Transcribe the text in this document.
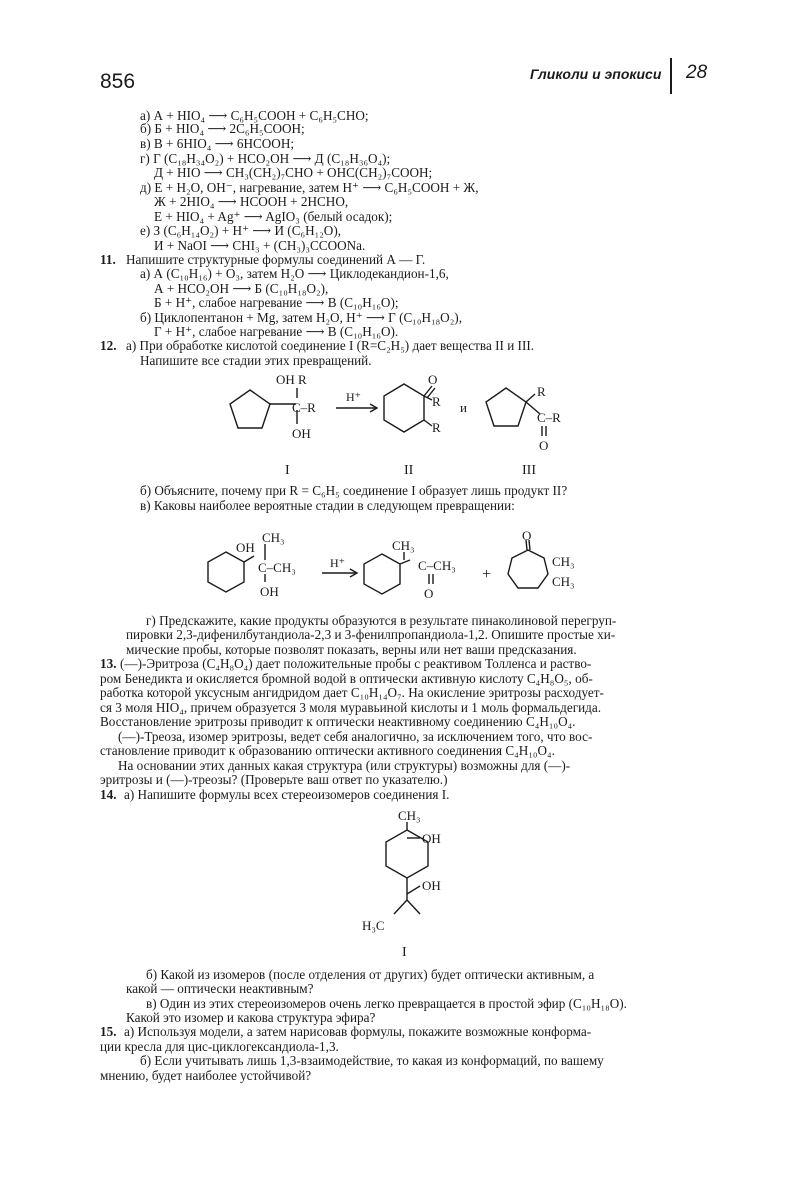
856	Гликоли и эпокиси 28
а) А + HIO₄ ⟶ C₆H₅COOH + C₆H₅CHO;
б) Б + HIO₄ ⟶ 2C₆H₅COOH;
в) В + 6HIO₄ ⟶ 6HCOOH;
г) Г (C₁₈H₃₄O₂) + HCO₂OH ⟶ Д (C₁₈H₃₆O₄);
Д + HIO ⟶ CH₃(CH₂)₇CHO + OHC(CH₂)₇COOH;
д) Е + H₂O, OH⁻, нагревание, затем H⁺ ⟶ C₆H₅COOH + Ж,
Ж + 2HIO₄ ⟶ HCOOH + 2HCHO,
Е + HIO₄ + Ag⁺ ⟶ AgIO₃ (белый осадок);
е) З (C₆H₁₄O₂) + H⁺ ⟶ И (C₆H₁₂O),
И + NaOI ⟶ CHI₃ + (CH₃)₃CCOONa.
11. Напишите структурные формулы соединений А — Г.
а) А (C₁₀H₁₆) + O₃, затем H₂O ⟶ Циклодекандион-1,6,
А + HCO₂OH ⟶ Б (C₁₀H₁₈O₂),
Б + H⁺, слабое нагревание ⟶ В (C₁₀H₁₆O);
б) Циклопентанон + Mg, затем H₂O, H⁺ ⟶ Г (C₁₀H₁₈O₂),
Г + H⁺, слабое нагревание ⟶ В (C₁₀H₁₆O).
12. а) При обработке кислотой соединение I (R=C₂H₅) дает вещества II и III.
Напишите все стадии этих превращений.
OH R
C–R
OH
H⁺
O
R
R
и
R
C–R
O
I	II	III
OH
CH₃
C–CH₃
OH
H⁺
CH₃
C–CH₃
O
+
O
CH₃
CH₃
CH₃
OH
OH
H₃C
I
б) Объясните, почему при R = C₆H₅ соединение I образует лишь продукт II?
в) Каковы наиболее вероятные стадии в следующем превращении:
г) Предскажите, какие продукты образуются в результате пинаколиновой перегруп-
пировки 2,3-дифенилбутандиола-2,3 и 3-фенилпропандиола-1,2. Опишите простые хи-
мические пробы, которые позволят показать, верны или нет ваши предсказания.
13. (—)-Эритроза (C₄H₈O₄) дает положительные пробы с реактивом Толленса и раство-
ром Бенедикта и окисляется бромной водой в оптически активную кислоту C₄H₈O₅, об-
работка которой уксусным ангидридом дает C₁₀H₁₄O₇. На окисление эритрозы расходует-
ся 3 моля HIO₄, причем образуется 3 моля муравьиной кислоты и 1 моль формальдегида.
Восстановление эритрозы приводит к оптически неактивному соединению C₄H₁₀O₄.
(—)-Треоза, изомер эритрозы, ведет себя аналогично, за исключением того, что вос-
становление приводит к образованию оптически активного соединения C₄H₁₀O₄.
На основании этих данных какая структура (или структуры) возможны для (—)-
эритрозы и (—)-треозы? (Проверьте ваш ответ по указателю.)
14. а) Напишите формулы всех стереоизомеров соединения I.
б) Какой из изомеров (после отделения от других) будет оптически активным, а
какой — оптически неактивным?
в) Один из этих стереоизомеров очень легко превращается в простой эфир (C₁₀H₁₈O).
Какой это изомер и какова структура эфира?
15. а) Используя модели, а затем нарисовав формулы, покажите возможные конформа-
ции кресла для цис-циклогександиола-1,3.
б) Если учитывать лишь 1,3-взаимодействие, то какая из конформаций, по вашему
мнению, будет наиболее устойчивой?
